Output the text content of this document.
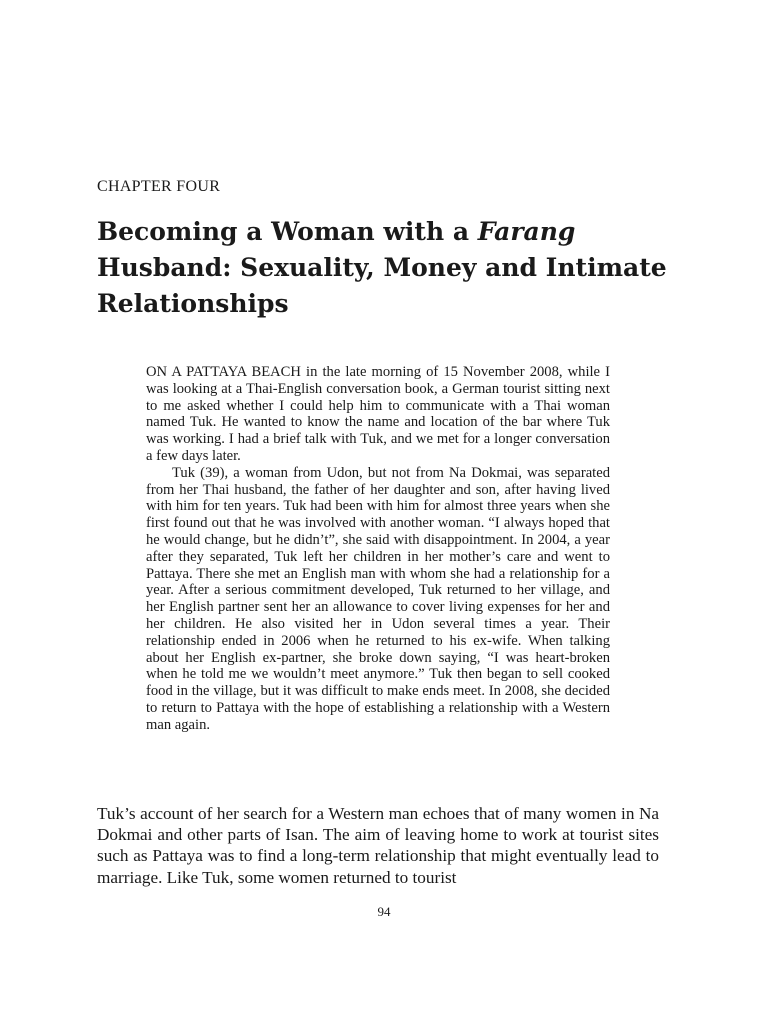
CHAPTER FOUR

Becoming a Woman with a Farang Husband: Sexuality, Money and Intimate Relationships

ON A PATTAYA BEACH in the late morning of 15 November 2008, while I was looking at a Thai-English conversation book, a German tourist sitting next to me asked whether I could help him to communicate with a Thai woman named Tuk. He wanted to know the name and location of the bar where Tuk was working. I had a brief talk with Tuk, and we met for a longer conversation a few days later.

Tuk (39), a woman from Udon, but not from Na Dokmai, was separated from her Thai husband, the father of her daughter and son, after having lived with him for ten years. Tuk had been with him for almost three years when she first found out that he was involved with another woman. “I always hoped that he would change, but he didn’t”, she said with disappointment. In 2004, a year after they separated, Tuk left her children in her mother’s care and went to Pattaya. There she met an English man with whom she had a relationship for a year. After a serious commitment developed, Tuk returned to her village, and her English partner sent her an allowance to cover living expenses for her and her children. He also visited her in Udon several times a year. Their relationship ended in 2006 when he returned to his ex-wife. When talking about her English ex-partner, she broke down saying, “I was heart-broken when he told me we wouldn’t meet anymore.” Tuk then began to sell cooked food in the village, but it was difficult to make ends meet. In 2008, she decided to return to Pattaya with the hope of establishing a relationship with a Western man again.

Tuk’s account of her search for a Western man echoes that of many women in Na Dokmai and other parts of Isan. The aim of leaving home to work at tourist sites such as Pattaya was to find a long-term relationship that might eventually lead to marriage. Like Tuk, some women returned to tourist

94
